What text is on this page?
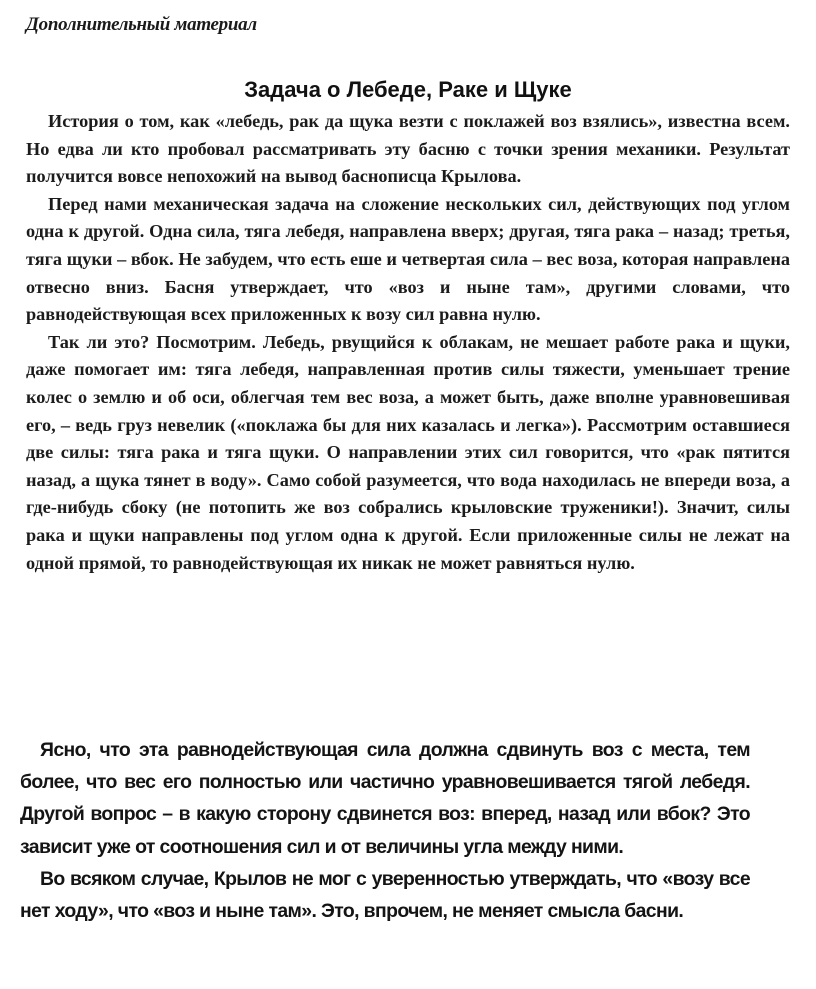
Дополнительный материал
Задача о Лебеде, Раке и Щуке

История о том, как «лебедь, рак да щука везти с поклажей воз взялись», известна всем. Но едва ли кто пробовал рассматривать эту басню с точки зрения механики. Результат получится вовсе непохожий на вывод баснописца Крылова.

Перед нами механическая задача на сложение нескольких сил, действующих под углом одна к другой. Одна сила, тяга лебедя, направлена вверх; другая, тяга рака – назад; третья, тяга щуки – вбок. Не забудем, что есть еше и четвертая сила – вес воза, которая направлена отвесно вниз. Басня утверждает, что «воз и ныне там», другими словами, что равнодействующая всех приложенных к возу сил равна нулю.

Так ли это? Посмотрим. Лебедь, рвущийся к облакам, не мешает работе рака и щуки, даже помогает им: тяга лебедя, направленная против силы тяжести, уменьшает трение колес о землю и об оси, облегчая тем вес воза, а может быть, даже вполне уравновешивая его, – ведь груз невелик («поклажа бы для них казалась и легка»). Рассмотрим оставшиеся две силы: тяга рака и тяга щуки. О направлении этих сил говорится, что «рак пятится назад, а щука тянет в воду». Само собой разумеется, что вода находилась не впереди воза, а где-нибудь сбоку (не потопить же воз собрались крыловские труженики!). Значит, силы рака и щуки направлены под углом одна к другой. Если приложенные силы не лежат на одной прямой, то равнодействующая их никак не может равняться нулю.

Ясно, что эта равнодействующая сила должна сдвинуть воз с места, тем более, что вес его полностью или частично уравновешивается тягой лебедя. Другой вопрос – в какую сторону сдвинется воз: вперед, назад или вбок? Это зависит уже от соотношения сил и от величины угла между ними.

Во всяком случае, Крылов не мог с уверенностью утверждать, что «возу все нет ходу», что «воз и ныне там». Это, впрочем, не меняет смысла басни.
